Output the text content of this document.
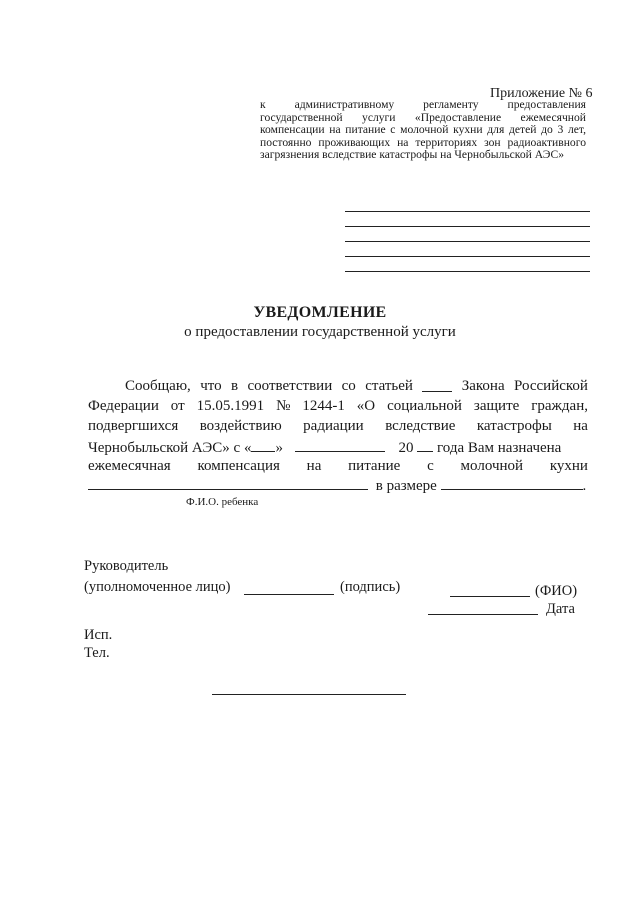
Приложение № 6
к административному регламенту предоставления государственной услуги «Предоставление ежемесячной компенсации на питание с молочной кухни для детей до 3 лет, постоянно проживающих на территориях зон радиоактивного загрязнения вследствие катастрофы на Чернобыльской АЭС»
УВЕДОМЛЕНИЕ
о предоставлении государственной услуги
Сообщаю, что в соответствии со статьей	Закона Российской
Федерации от 15.05.1991 № 1244-1 «О социальной защите граждан,
подвергшихся воздействию радиации вследствие катастрофы на
Чернобыльской АЭС» с « »	20 года Вам назначена
ежемесячная компенсация на питание с молочной кухни
в размере	.
Ф.И.О. ребенка
Руководитель
(уполномоченное лицо)	(подпись)	(ФИО)
Дата
Исп.
Тел.
